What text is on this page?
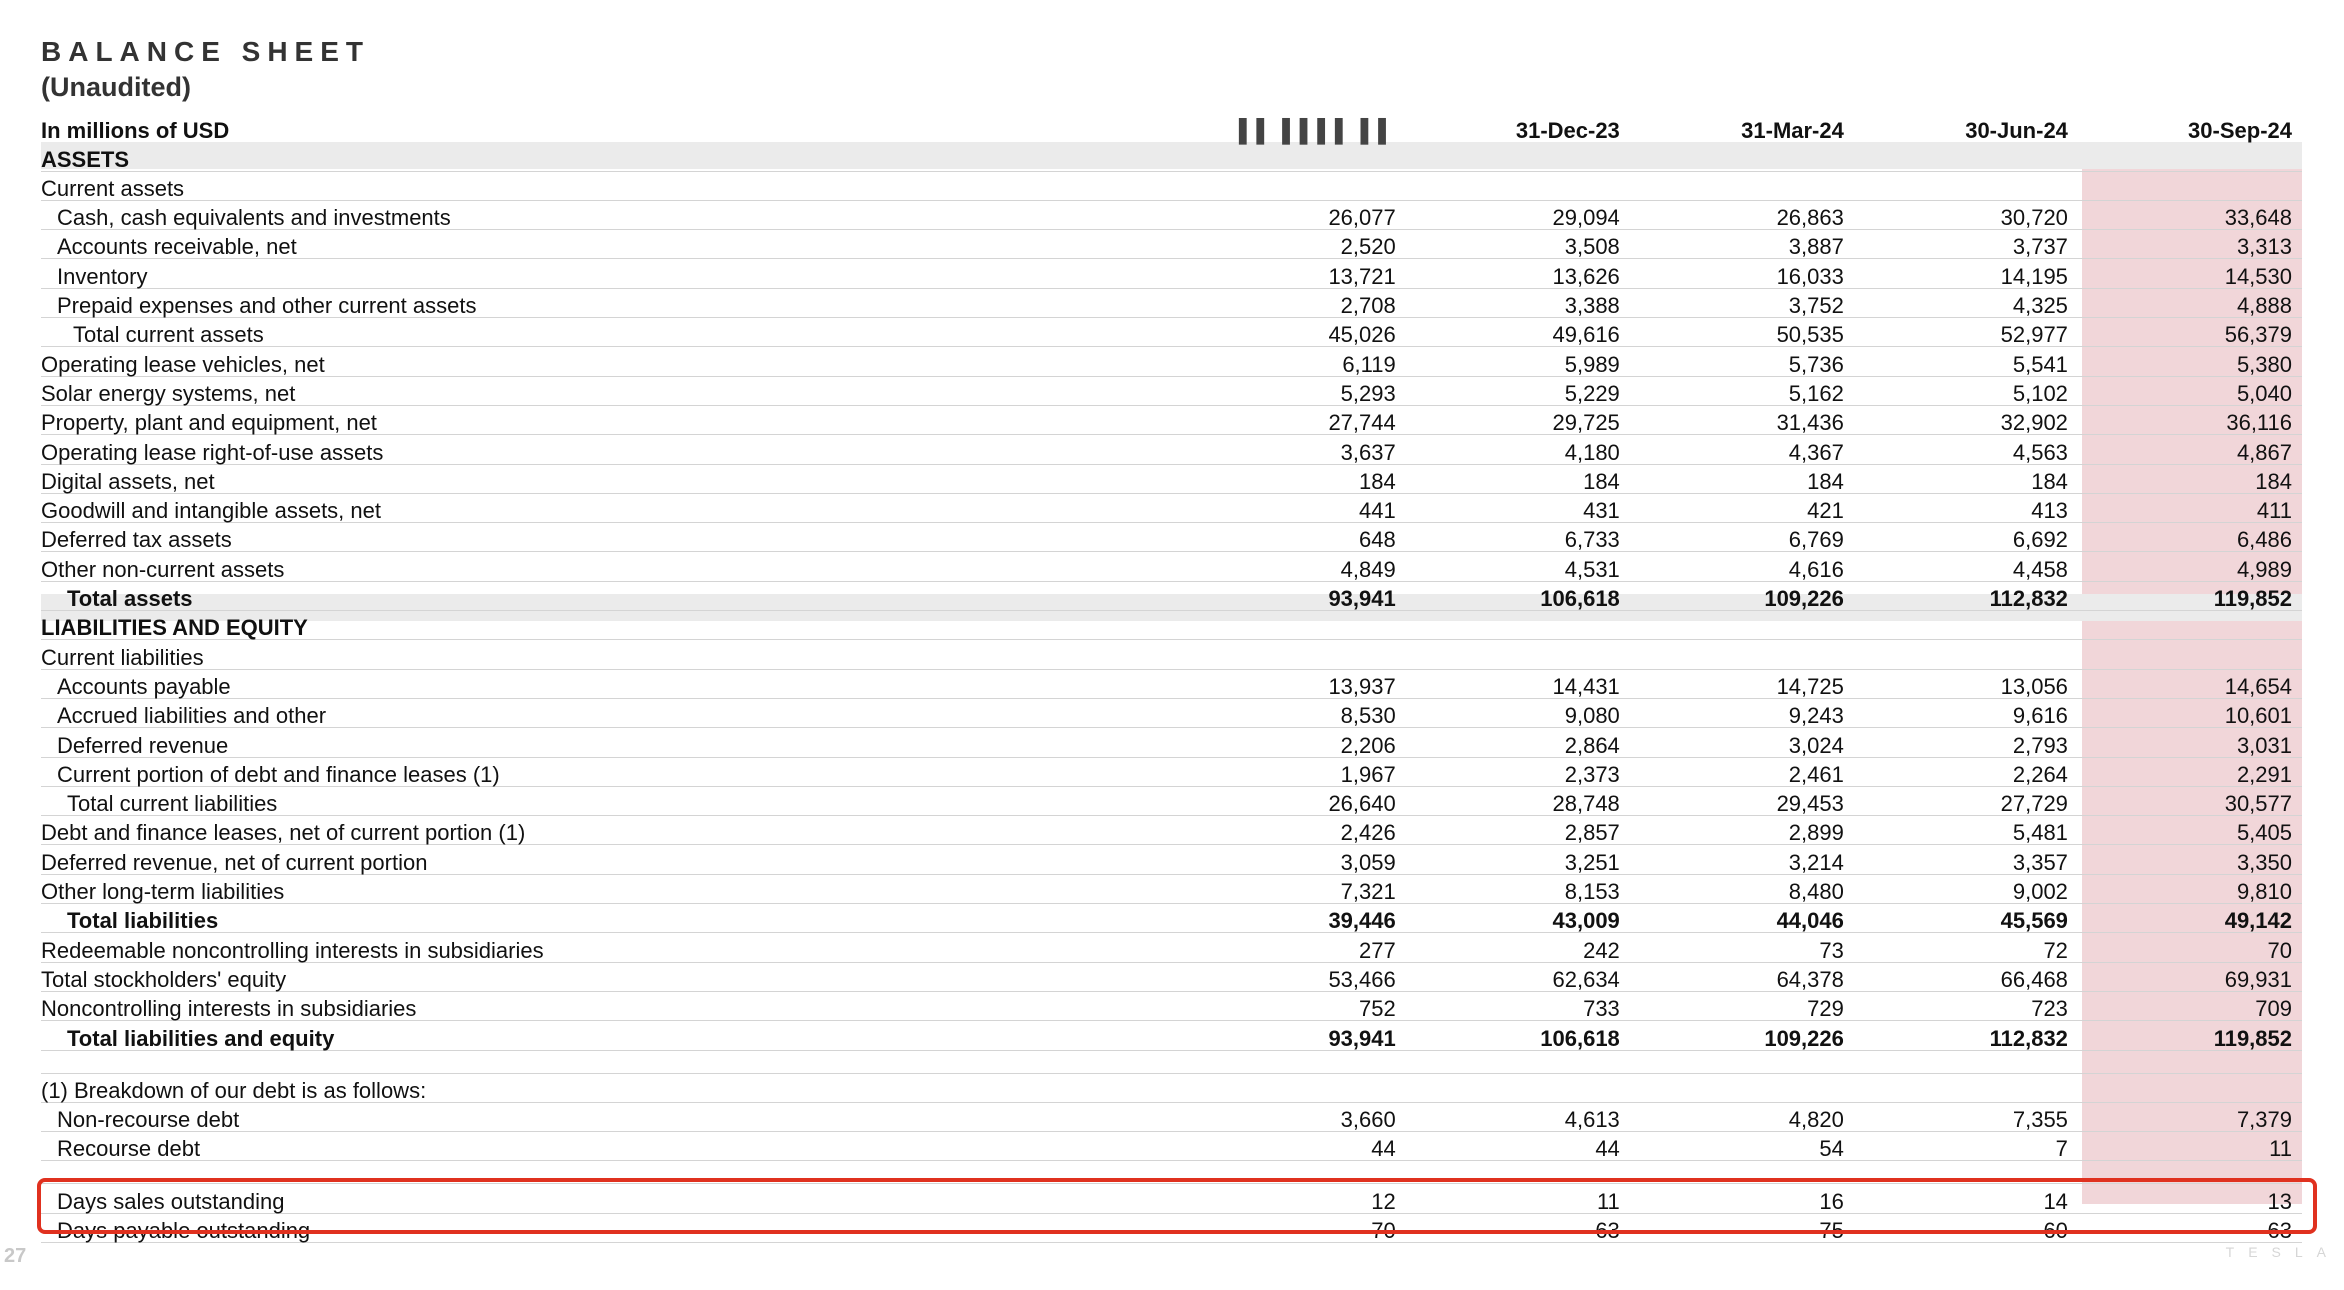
BALANCE SHEET
(Unaudited)
In millions of USD	▌▌ ▌▌▌▌ ▌▌	31-Dec-23	31-Mar-24	30-Jun-24	30-Sep-24
ASSETS					
Current assets					
Cash, cash equivalents and investments	26,077	29,094	26,863	30,720	33,648
Accounts receivable, net	2,520	3,508	3,887	3,737	3,313
Inventory	13,721	13,626	16,033	14,195	14,530
Prepaid expenses and other current assets	2,708	3,388	3,752	4,325	4,888
Total current assets	45,026	49,616	50,535	52,977	56,379
Operating lease vehicles, net	6,119	5,989	5,736	5,541	5,380
Solar energy systems, net	5,293	5,229	5,162	5,102	5,040
Property, plant and equipment, net	27,744	29,725	31,436	32,902	36,116
Operating lease right-of-use assets	3,637	4,180	4,367	4,563	4,867
Digital assets, net	184	184	184	184	184
Goodwill and intangible assets, net	441	431	421	413	411
Deferred tax assets	648	6,733	6,769	6,692	6,486
Other non-current assets	4,849	4,531	4,616	4,458	4,989
Total assets	93,941	106,618	109,226	112,832	119,852
LIABILITIES AND EQUITY					
Current liabilities					
Accounts payable	13,937	14,431	14,725	13,056	14,654
Accrued liabilities and other	8,530	9,080	9,243	9,616	10,601
Deferred revenue	2,206	2,864	3,024	2,793	3,031
Current portion of debt and finance leases (1)	1,967	2,373	2,461	2,264	2,291
Total current liabilities	26,640	28,748	29,453	27,729	30,577
Debt and finance leases, net of current portion (1)	2,426	2,857	2,899	5,481	5,405
Deferred revenue, net of current portion	3,059	3,251	3,214	3,357	3,350
Other long-term liabilities	7,321	8,153	8,480	9,002	9,810
Total liabilities	39,446	43,009	44,046	45,569	49,142
Redeemable noncontrolling interests in subsidiaries	277	242	73	72	70
Total stockholders' equity	53,466	62,634	64,378	66,468	69,931
Noncontrolling interests in subsidiaries	752	733	729	723	709
Total liabilities and equity	93,941	106,618	109,226	112,832	119,852

(1) Breakdown of our debt is as follows:					
Non-recourse debt	3,660	4,613	4,820	7,355	7,379
Recourse debt	44	44	54	7	11

Days sales outstanding	12	11	16	14	13
Days payable outstanding	70	63	75	60	63
27	TESLA
